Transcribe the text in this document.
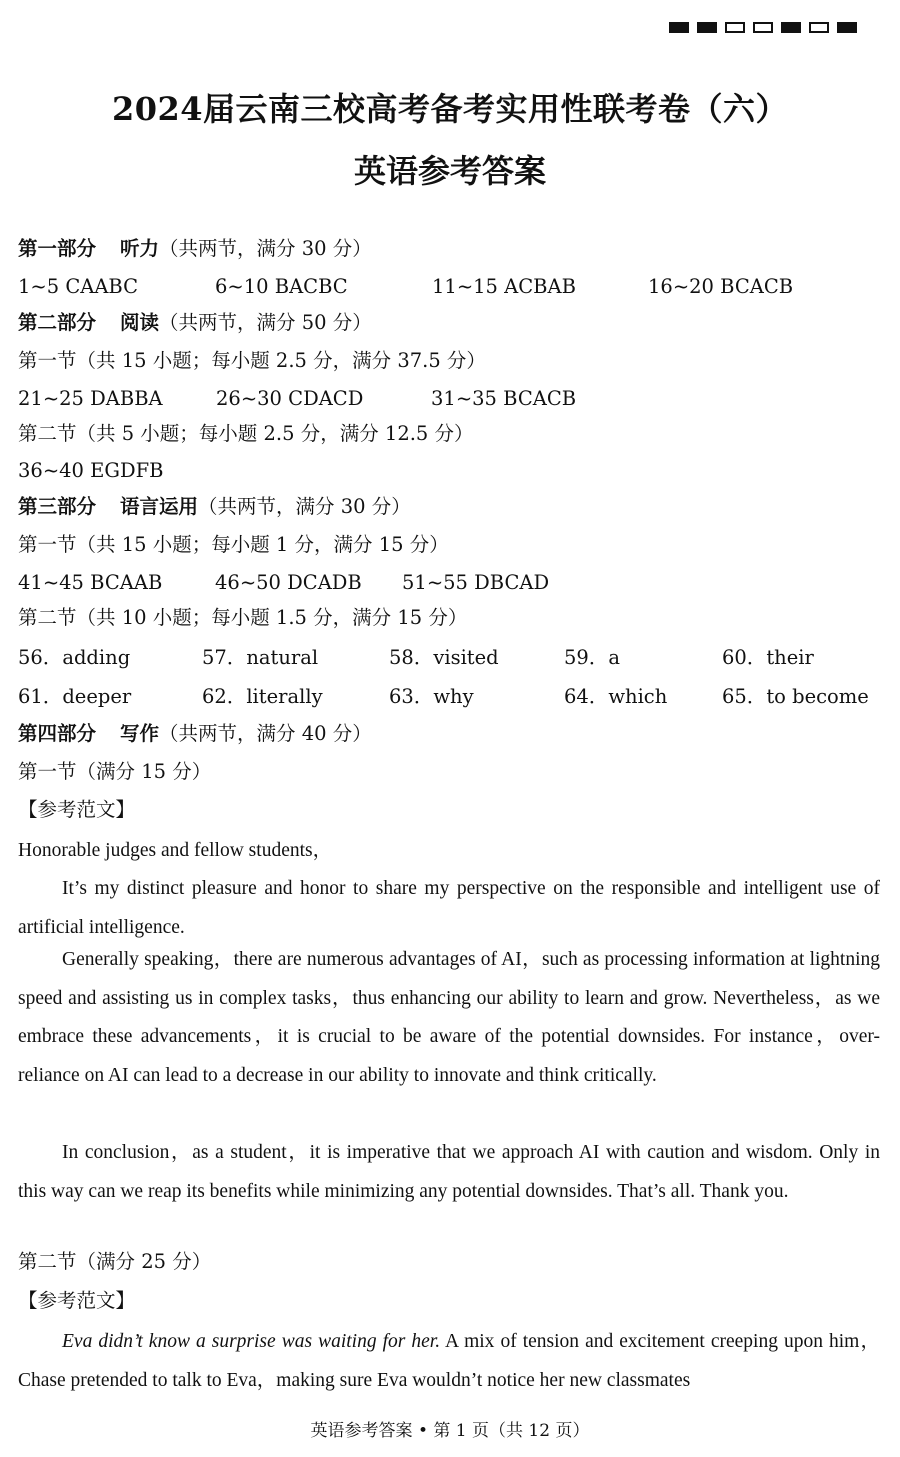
2024届云南三校高考备考实用性联考卷（六）
英语参考答案
第一部分 听力（共两节，满分 30 分）
1~5 CAABC	6~10 BACBC	11~15 ACBAB	16~20 BCACB
第二部分 阅读（共两节，满分 50 分）
第一节（共 15 小题；每小题 2.5 分，满分 37.5 分）
21~25 DABBA	26~30 CDACD	31~35 BCACB
第二节（共 5 小题；每小题 2.5 分，满分 12.5 分）
36~40 EGDFB
第三部分 语言运用（共两节，满分 30 分）
第一节（共 15 小题；每小题 1 分，满分 15 分）
41~45 BCAAB	46~50 DCADB 51~55 DBCAD
第二节（共 10 小题；每小题 1.5 分，满分 15 分）
56．adding	57．natural	58．visited	59．a	60．their
61．deeper	62．literally	63．why	64．which	65．to become
第四部分 写作（共两节，满分 40 分）
第一节（满分 15 分）
【参考范文】
Honorable judges and fellow students，
It’s my distinct pleasure and honor to share my perspective on the responsible and intelligent use of artificial intelligence.
Generally speaking，there are numerous advantages of AI，such as processing information at lightning speed and assisting us in complex tasks，thus enhancing our ability to learn and grow. Nevertheless，as we embrace these advancements，it is crucial to be aware of the potential downsides. For instance，over-reliance on AI can lead to a decrease in our ability to innovate and think critically.
In conclusion，as a student，it is imperative that we approach AI with caution and wisdom. Only in this way can we reap its benefits while minimizing any potential downsides. That’s all. Thank you.
第二节（满分 25 分）
【参考范文】
Eva didn’t know a surprise was waiting for her. A mix of tension and excitement creeping upon him，Chase pretended to talk to Eva，making sure Eva wouldn’t notice her new classmates
英语参考答案 • 第 1 页（共 12 页）
